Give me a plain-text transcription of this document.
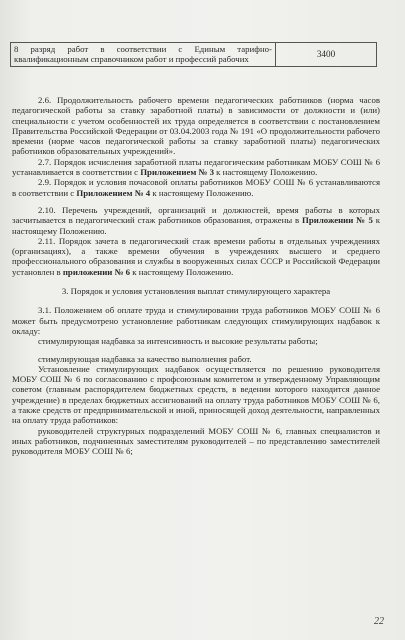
8 разряд работ в соответствии с Единым тарифно-квалификационным справочником работ и профессий рабочих	3400

2.6. Продолжительность рабочего времени педагогических работников (норма часов педагогической работы за ставку заработной платы) в зависимости от должности и (или) специальности с учетом особенностей их труда определяется в соответствии с постановлением Правительства Российской Федерации от 03.04.2003 года № 191 «О продолжительности рабочего времени (норме часов педагогической работы за ставку заработной платы) педагогических работников образовательных учреждений».

2.7. Порядок исчисления заработной платы педагогическим работникам МОБУ СОШ № 6 устанавливается в соответствии с Приложением № 3 к настоящему Положению.

2.9. Порядок и условия почасовой оплаты работников МОБУ СОШ № 6 устанавливаются в соответствии с Приложением № 4 к настоящему Положению.

2.10. Перечень учреждений, организаций и должностей, время работы в которых засчитывается в педагогический стаж работников образования, отражены в Приложении № 5 к настоящему Положению.

2.11. Порядок зачета в педагогический стаж времени работы в отдельных учреждениях (организациях), а также времени обучения в учреждениях высшего и среднего профессионального образования и службы в вооруженных силах СССР и Российской Федерации установлен в приложении № 6 к настоящему Положению.

3. Порядок и условия установления выплат стимулирующего характера

3.1. Положением об оплате труда и стимулировании труда работников МОБУ СОШ № 6 может быть предусмотрено установление работникам следующих стимулирующих надбавок к окладу:

стимулирующая надбавка за интенсивность и высокие результаты работы;

стимулирующая надбавка за качество выполнения работ.

Установление стимулирующих надбавок осуществляется по решению руководителя МОБУ СОШ № 6 по согласованию с профсоюзным комитетом и утвержденному Управляющим советом (главным распорядителем бюджетных средств, в ведении которого находится данное учреждение) в пределах бюджетных ассигнований на оплату труда работников МОБУ СОШ № 6, а также средств от предпринимательской и иной, приносящей доход деятельности, направленных на оплату труда работников:

руководителей структурных подразделений МОБУ СОШ № 6, главных специалистов и иных работников, подчиненных заместителям руководителей – по представлению заместителей руководителя МОБУ СОШ № 6;

22
